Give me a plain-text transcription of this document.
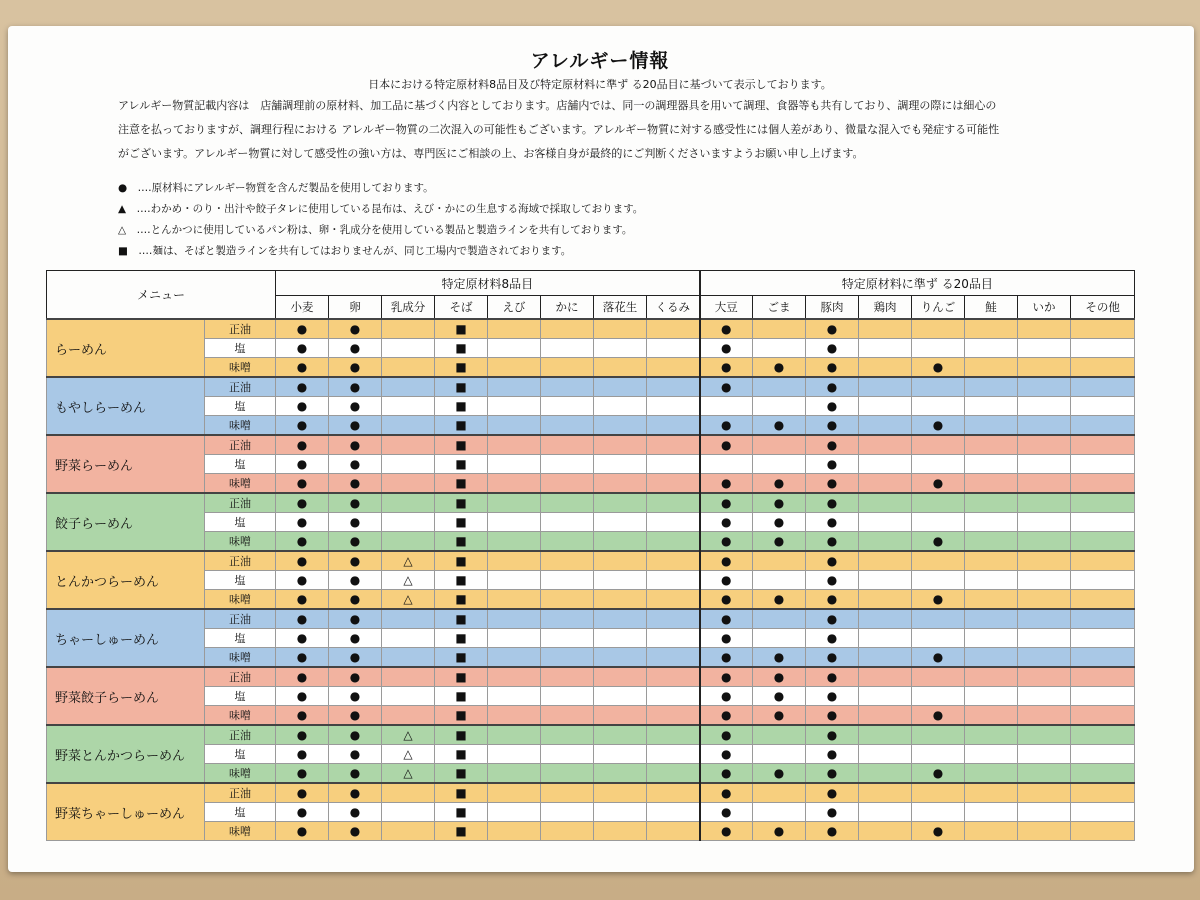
アレルギー情報
日本における特定原材料8品目及び特定原材料に準ず る20品目に基づいて表示しております。
アレルギー物質記載内容は　店舗調理前の原材料、加工品に基づく内容としております。店舗内では、同一の調理器具を用いて調理、食器等も共有しており、調理の際には細心の
注意を払っておりますが、調理行程における アレルギー物質の二次混入の可能性もございます。アレルギー物質に対する感受性には個人差があり、微量な混入でも発症する可能性
がございます。アレルギー物質に対して感受性の強い方は、専門医にご相談の上、お客様自身が最終的にご判断くださいますようお願い申し上げます。
●　‥‥原材料にアレルギー物質を含んだ製品を使用しております。
▲　‥‥わかめ・のり・出汁や餃子タレに使用している昆布は、えび・かにの生息する海域で採取しております。
△　‥‥とんかつに使用しているパン粉は、卵・乳成分を使用している製品と製造ラインを共有しております。
■　‥‥麺は、そばと製造ラインを共有してはおりませんが、同じ工場内で製造されております。
メニュー		特定原材料8品目								特定原材料に準ず る20品目							
		小麦	卵	乳成分	そば	えび	かに	落花生	くるみ	大豆	ごま	豚肉	鶏肉	りんご	鮭	いか	その他
らーめん	正油	●	●		■					●		●					
	塩	●	●		■					●		●					
	味噌	●	●		■					●	●	●		●			
もやしらーめん	正油	●	●		■					●		●					
	塩	●	●		■							●					
	味噌	●	●		■					●	●	●		●			
野菜らーめん	正油	●	●		■					●		●					
	塩	●	●		■							●					
	味噌	●	●		■					●	●	●		●			
餃子らーめん	正油	●	●		■					●	●	●					
	塩	●	●		■					●	●	●					
	味噌	●	●		■					●	●	●		●			
とんかつらーめん	正油	●	●	△	■					●		●					
	塩	●	●	△	■					●		●					
	味噌	●	●	△	■					●	●	●		●			
ちゃーしゅーめん	正油	●	●		■					●		●					
	塩	●	●		■					●		●					
	味噌	●	●		■					●	●	●		●			
野菜餃子らーめん	正油	●	●		■					●	●	●					
	塩	●	●		■					●	●	●					
	味噌	●	●		■					●	●	●		●			
野菜とんかつらーめん	正油	●	●	△	■					●		●					
	塩	●	●	△	■					●		●					
	味噌	●	●	△	■					●	●	●		●			
野菜ちゃーしゅーめん	正油	●	●		■					●		●					
	塩	●	●		■					●		●					
	味噌	●	●		■					●	●	●		●			
